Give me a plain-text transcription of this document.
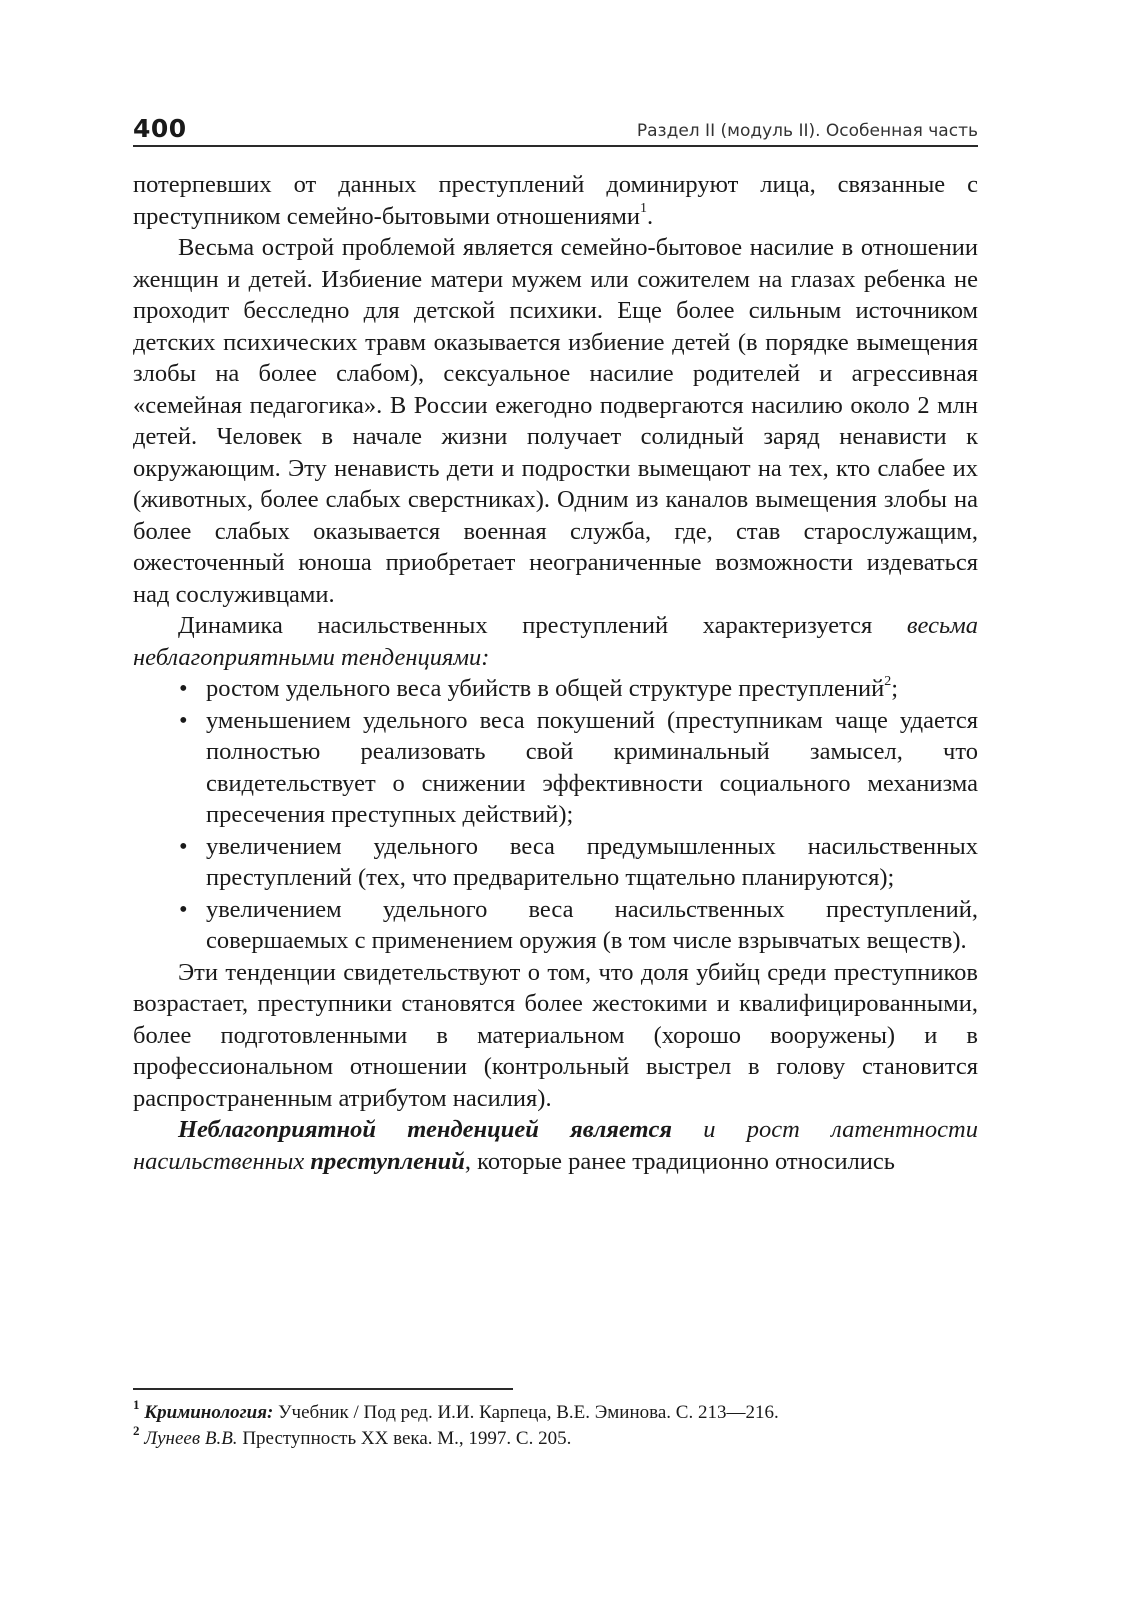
400	Раздел II (модуль II). Особенная часть

потерпевших от данных преступлений доминируют лица, связанные с преступником семейно-бытовыми отношениями$^1$.

Весьма острой проблемой является семейно-бытовое насилие в отношении женщин и детей. Избиение матери мужем или сожителем на глазах ребенка не проходит бесследно для детской психики. Еще более сильным источником детских психических травм оказывается избиение детей (в порядке вымещения злобы на более слабом), сексуальное насилие родителей и агрессивная «семейная педагогика». В России ежегодно подвергаются насилию около 2 млн детей. Человек в начале жизни получает солидный заряд ненависти к окружающим. Эту ненависть дети и подростки вымещают на тех, кто слабее их (животных, более слабых сверстниках). Одним из каналов вымещения злобы на более слабых оказывается военная служба, где, став старослужащим, ожесточенный юноша приобретает неограниченные возможности издеваться над сослуживцами.

Динамика насильственных преступлений характеризуется весьма неблагоприятными тенденциями:

• ростом удельного веса убийств в общей структуре преступлений$^2$;
• уменьшением удельного веса покушений (преступникам чаще удается полностью реализовать свой криминальный замысел, что свидетельствует о снижении эффективности социального механизма пресечения преступных действий);
• увеличением удельного веса предумышленных насильственных преступлений (тех, что предварительно тщательно планируются);
• увеличением удельного веса насильственных преступлений, совершаемых с применением оружия (в том числе взрывчатых веществ).

Эти тенденции свидетельствуют о том, что доля убийц среди преступников возрастает, преступники становятся более жестокими и квалифицированными, более подготовленными в материальном (хорошо вооружены) и в профессиональном отношении (контрольный выстрел в голову становится распространенным атрибутом насилия).

Неблагоприятной тенденцией является и рост латентности насильственных преступлений, которые ранее традиционно относились

$^1$ Криминология: Учебник / Под ред. И.И. Карпеца, В.Е. Эминова. С. 213—216.

$^2$ Лунеев В.В. Преступность XX века. М., 1997. С. 205.
